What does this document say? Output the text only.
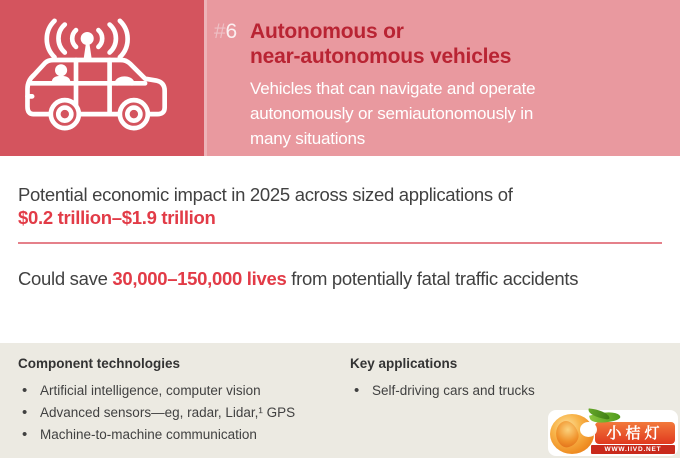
#6 Autonomous or
near-autonomous vehicles

Vehicles that can navigate and operate autonomously or semiautonomously in many situations

Potential economic impact in 2025 across sized applications of
$0.2 trillion–$1.9 trillion

Could save 30,000–150,000 lives from potentially fatal traffic accidents

Component technologies
• Artificial intelligence, computer vision
• Advanced sensors—eg, radar, Lidar,¹ GPS
• Machine-to-machine communication
Key applications
• Self-driving cars and trucks
小桔灯
WWW.IIVD.NET
